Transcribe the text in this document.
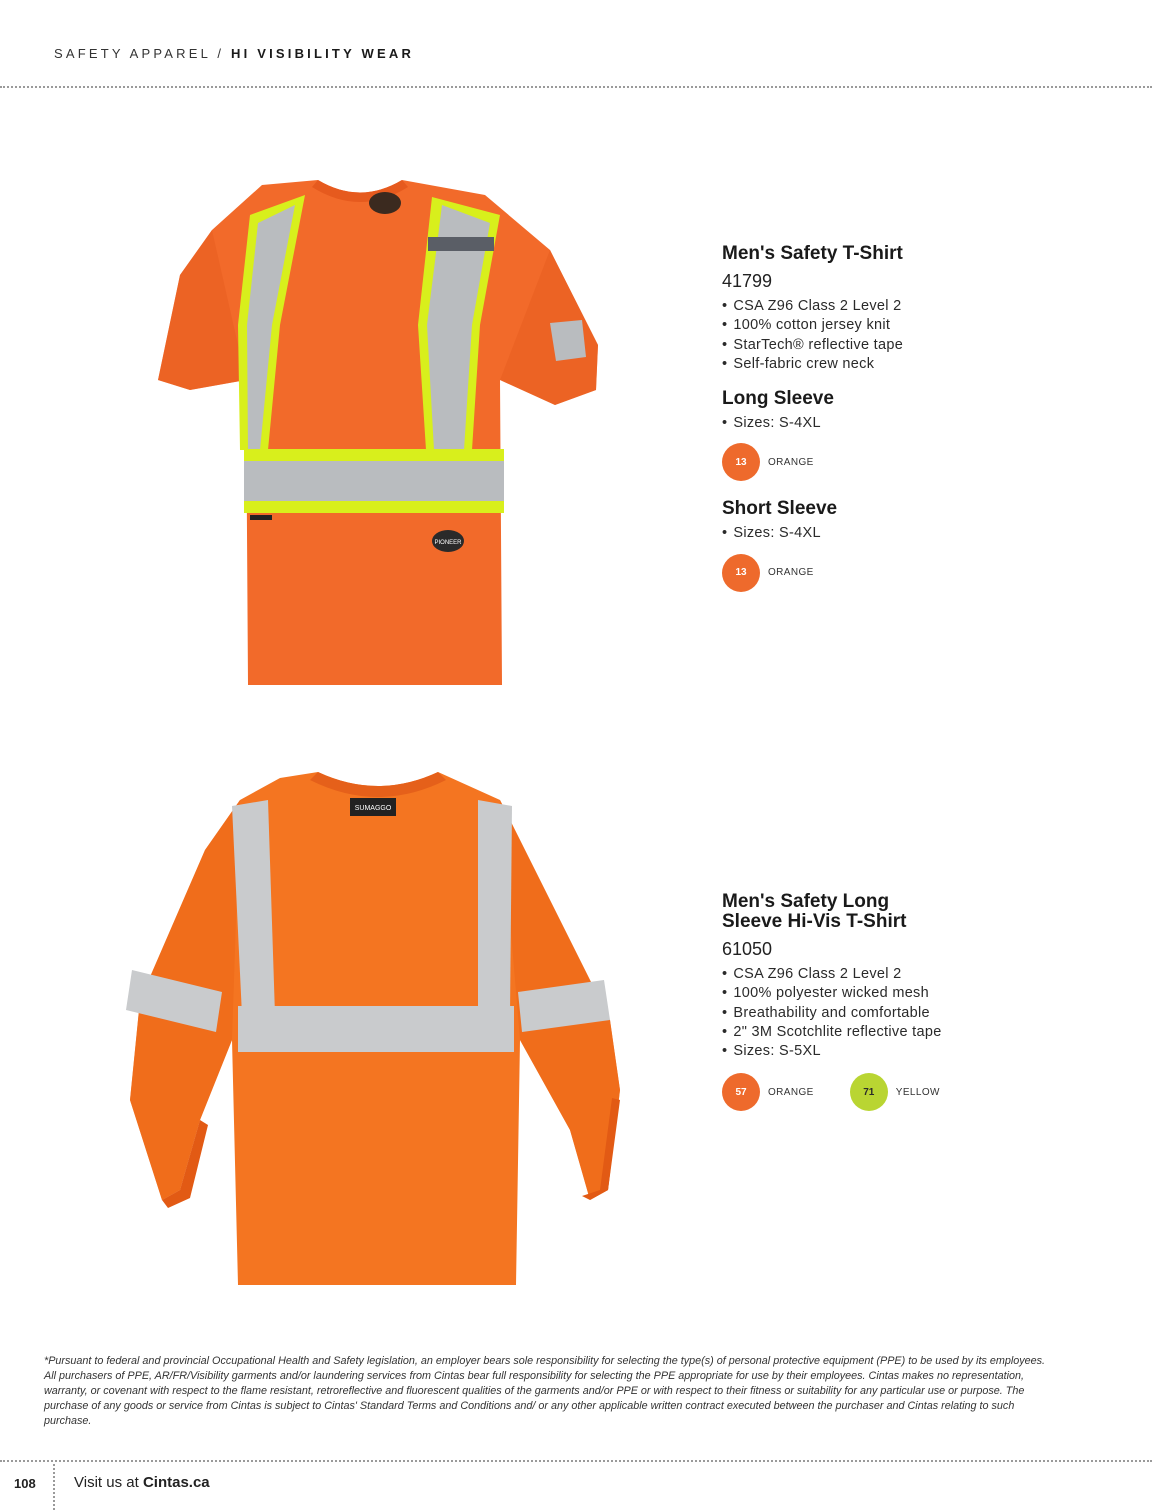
SAFETY APPAREL / HI VISIBILITY WEAR
PIONEER
Men's Safety T-Shirt
41799
• CSA Z96 Class 2 Level 2
• 100% cotton jersey knit
• StarTech® reflective tape
• Self-fabric crew neck
Long Sleeve
• Sizes: S-4XL
13	ORANGE
Short Sleeve
• Sizes: S-4XL
13	ORANGE
SUMAGGO
Men's Safety Long
Sleeve Hi-Vis T-Shirt
61050
• CSA Z96 Class 2 Level 2
• 100% polyester wicked mesh
• Breathability and comfortable
• 2" 3M Scotchlite reflective tape
• Sizes: S-5XL
57	ORANGE	71	YELLOW
*Pursuant to federal and provincial Occupational Health and Safety legislation, an employer bears sole responsibility for selecting the type(s) of personal protective equipment (PPE) to be used by its employees. All purchasers of PPE, AR/FR/Visibility garments and/or laundering services from Cintas bear full responsibility for selecting the PPE appropriate for use by their employees. Cintas makes no representation, warranty, or covenant with respect to the flame resistant, retroreflective and fluorescent qualities of the garments and/or PPE or with respect to their fitness or suitability for any particular use or purpose. The purchase of any goods or service from Cintas is subject to Cintas' Standard Terms and Conditions and/ or any other applicable written contract executed between the purchaser and Cintas relating to such purchase.
108	Visit us at Cintas.ca
